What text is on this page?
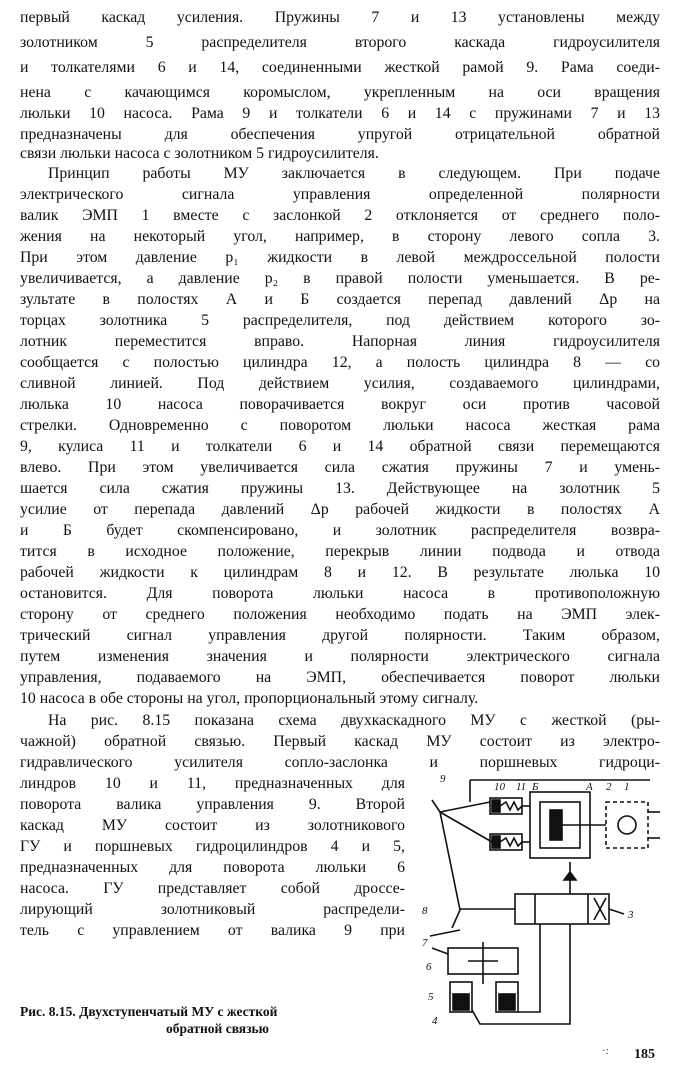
первый каскад усиления. Пружины 7 и 13 установлены между
золотником 5 распределителя второго каскада гидроусилителя
и толкателями 6 и 14, соединенными жесткой рамой 9. Рама соеди-
нена с качающимся коромыслом, укрепленным на оси вращения
люльки 10 насоса. Рама 9 и толкатели 6 и 14 с пружинами 7 и 13
предназначены для обеспечения упругой отрицательной обратной
связи люльки насоса с золотником 5 гидроусилителя.
Принцип работы МУ заключается в следующем. При подаче
электрического сигнала управления определенной полярности
валик ЭМП 1 вместе с заслонкой 2 отклоняется от среднего поло-
жения на некоторый угол, например, в сторону левого сопла 3.
При этом давление p₁ жидкости в левой междроссельной полости
увеличивается, а давление p₂ в правой полости уменьшается. В ре-
зультате в полостях А и Б создается перепад давлений Δp на
торцах золотника 5 распределителя, под действием которого зо-
лотник переместится вправо. Напорная линия гидроусилителя
сообщается с полостью цилиндра 12, а полость цилиндра 8 — со
сливной линией. Под действием усилия, создаваемого цилиндрами,
люлька 10 насоса поворачивается вокруг оси против часовой
стрелки. Одновременно с поворотом люльки насоса жесткая рама
9, кулиса 11 и толкатели 6 и 14 обратной связи перемещаются
влево. При этом увеличивается сила сжатия пружины 7 и умень-
шается сила сжатия пружины 13. Действующее на золотник 5
усилие от перепада давлений Δp рабочей жидкости в полостях А
и Б будет скомпенсировано, и золотник распределителя возвра-
тится в исходное положение, перекрыв линии подвода и отвода
рабочей жидкости к цилиндрам 8 и 12. В результате люлька 10
остановится. Для поворота люльки насоса в противоположную
сторону от среднего положения необходимо подать на ЭМП элек-
трический сигнал управления другой полярности. Таким образом,
путем изменения значения и полярности электрического сигнала
управления, подаваемого на ЭМП, обеспечивается поворот люльки
10 насоса в обе стороны на угол, пропорциональный этому сигналу.
На рис. 8.15 показана схема двухкаскадного МУ с жесткой (ры-
чажной) обратной связью. Первый каскад МУ состоит из электро-
гидравлического усилителя сопло-заслонка и поршневых гидроци-
линдров 10 и 11, предназначенных для
поворота валика управления 9. Второй
каскад МУ состоит из золотникового
ГУ и поршневых гидроцилиндров 4 и 5,
предназначенных для поворота люльки 6
насоса. ГУ представляет собой дроссе-
лирующий золотниковый распредели-
тель с управлением от валика 9 при
9
10 11 Б	А 2 1
8	3
7
6
5
4
Рис. 8.15. Двухступенчатый МУ с жесткой
обратной связью
·: 185
